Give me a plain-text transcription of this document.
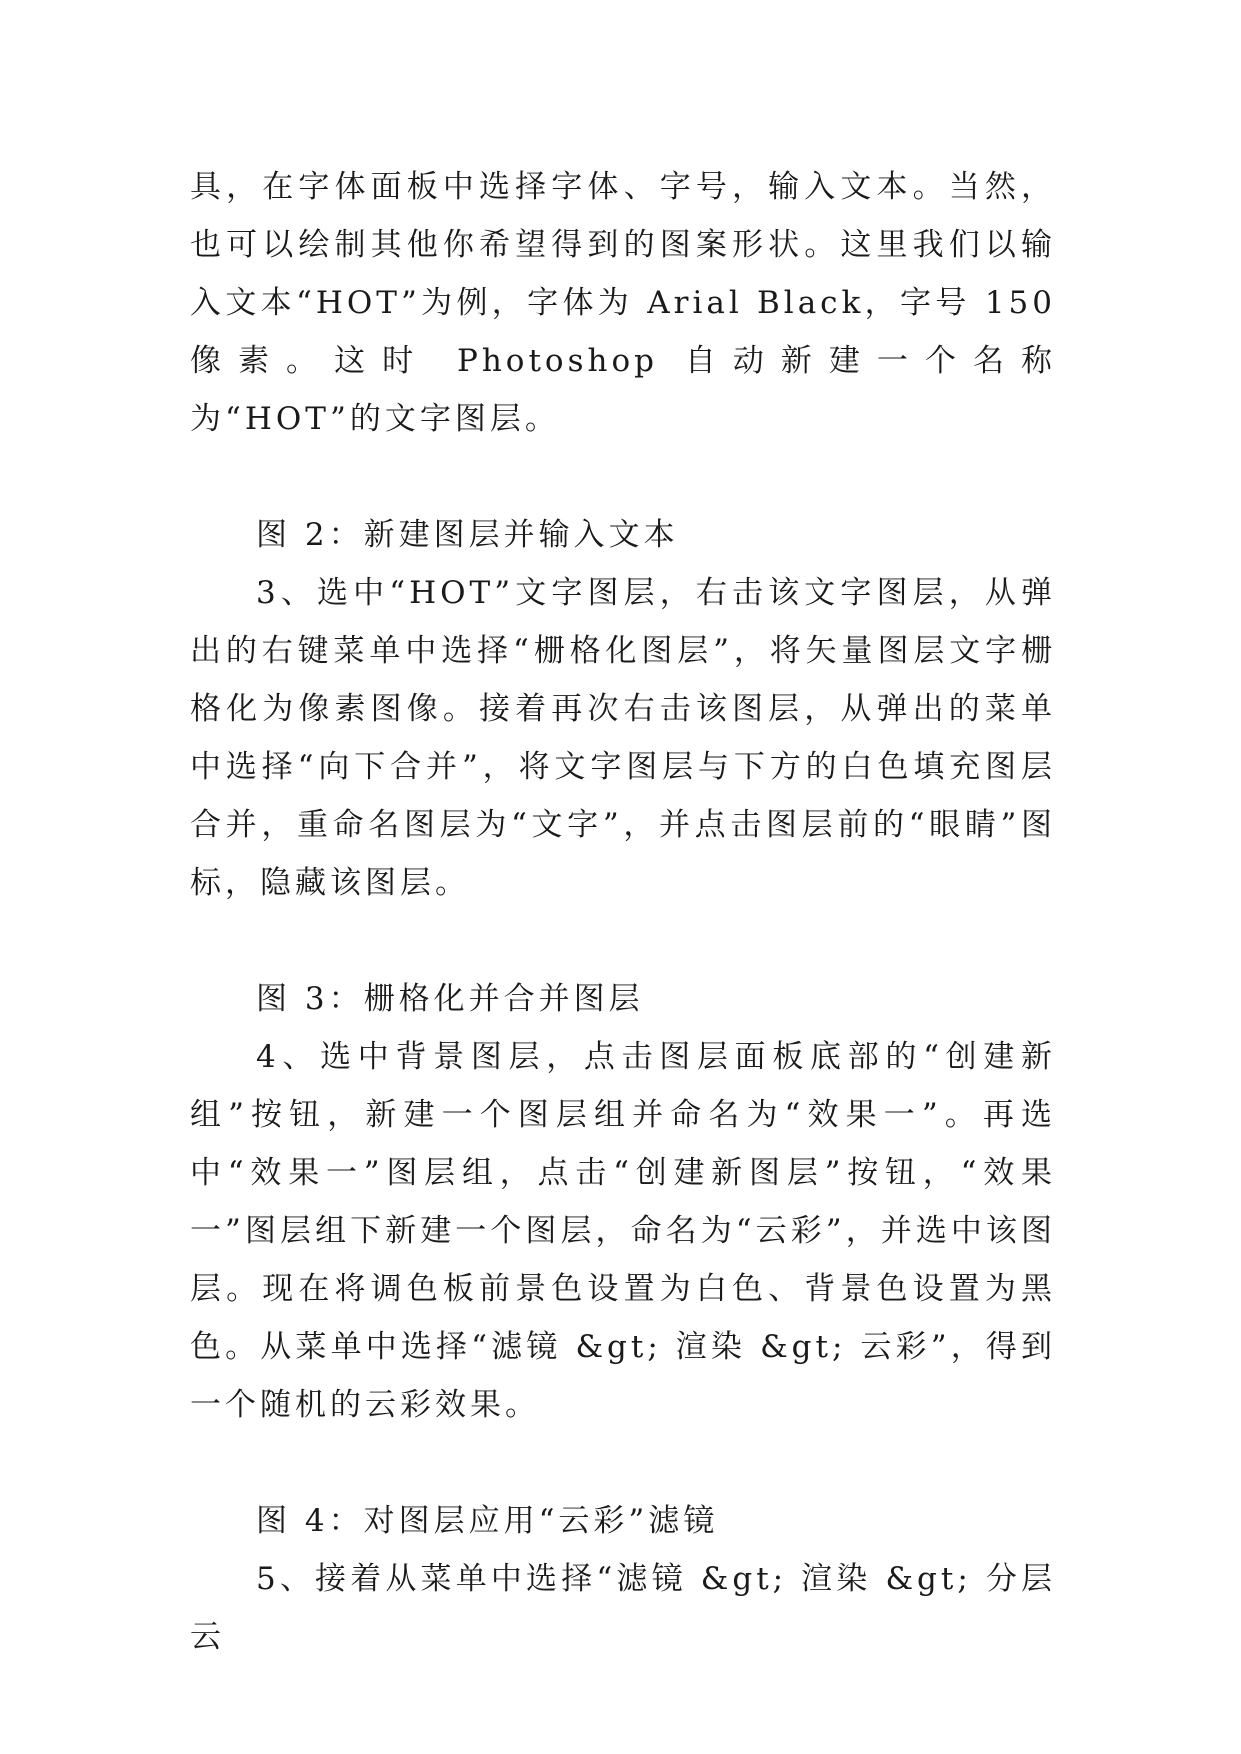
具，在字体面板中选择字体、字号，输入文本。当然，也可以绘制其他你希望得到的图案形状。这里我们以输入文本“HOT”为例，字体为 Arial Black，字号 150 像素。这时 Photoshop 自动新建一个名称为“HOT”的文字图层。

图 2：新建图层并输入文本

3、选中“HOT”文字图层，右击该文字图层，从弹出的右键菜单中选择“栅格化图层”，将矢量图层文字栅格化为像素图像。接着再次右击该图层，从弹出的菜单中选择“向下合并”，将文字图层与下方的白色填充图层合并，重命名图层为“文字”，并点击图层前的“眼睛”图标，隐藏该图层。

图 3：栅格化并合并图层

4、选中背景图层，点击图层面板底部的“创建新组”按钮，新建一个图层组并命名为“效果一”。再选中“效果一”图层组，点击“创建新图层”按钮，“效果一”图层组下新建一个图层，命名为“云彩”，并选中该图层。现在将调色板前景色设置为白色、背景色设置为黑色。从菜单中选择“滤镜 &gt; 渲染 &gt; 云彩”，得到一个随机的云彩效果。

图 4：对图层应用“云彩”滤镜

5、接着从菜单中选择“滤镜 &gt; 渲染 &gt; 分层云
